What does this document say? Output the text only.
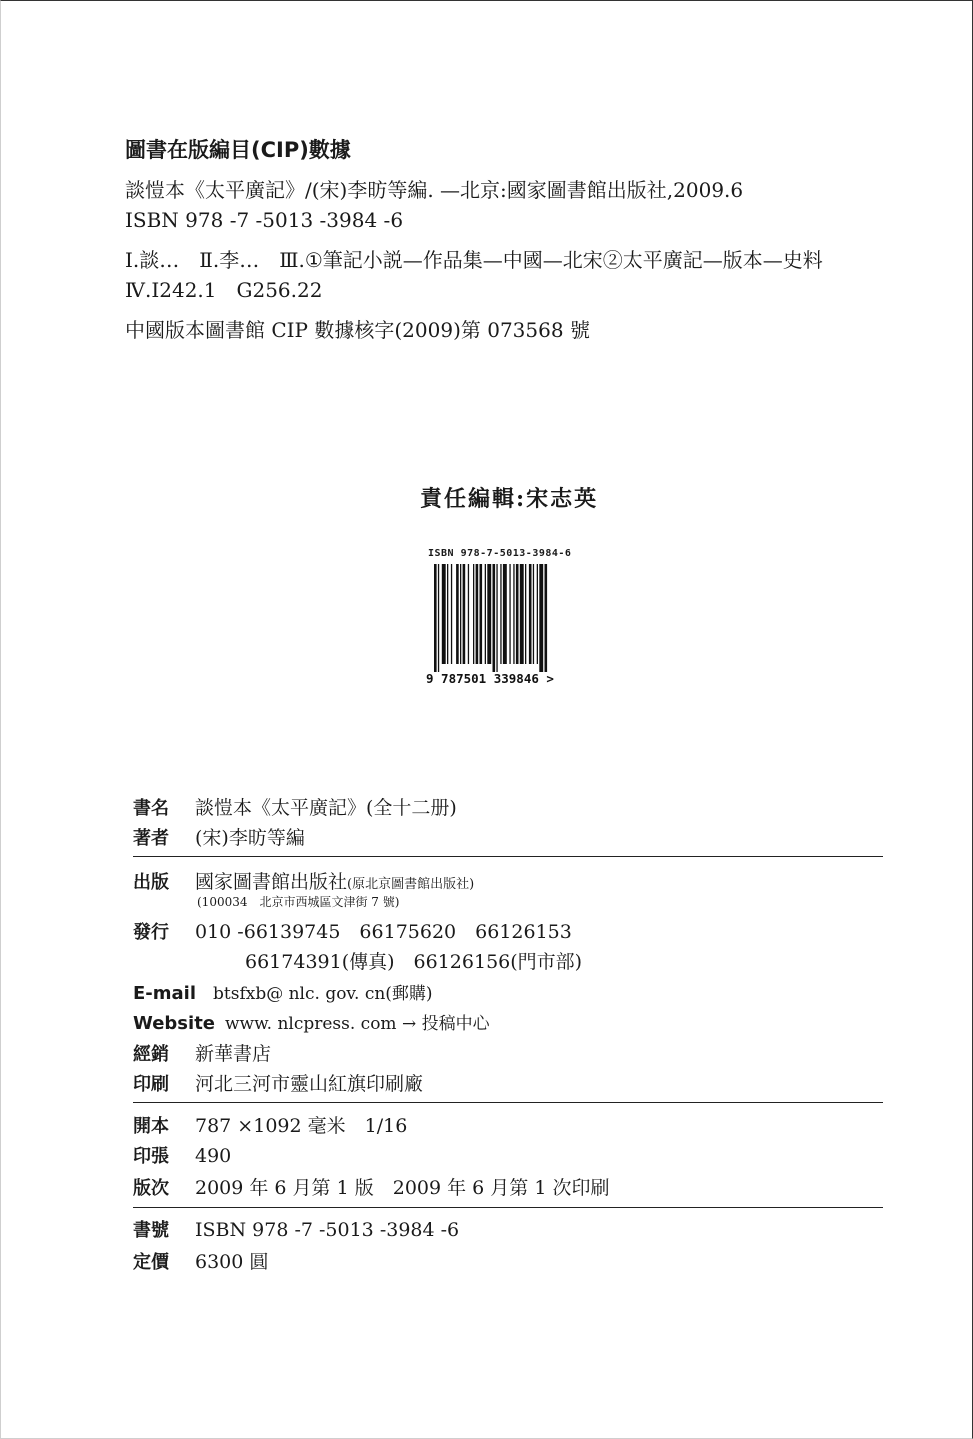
圖書在版編目(CIP)數據
談愷本《太平廣記》/(宋)李昉等編. —北京:國家圖書館出版社,2009.6
ISBN 978 -7 -5013 -3984 -6
Ⅰ.談…　Ⅱ.李…　Ⅲ.①筆記小説—作品集—中國—北宋②太平廣記—版本—史料
Ⅳ.I242.1　G256.22
中國版本圖書館 CIP 數據核字(2009)第 073568 號
責任編輯:宋志英
ISBN 978-7-5013-3984-6
9 787501 339846 >
書名	談愷本《太平廣記》(全十二册)
著者	(宋)李昉等編
出版	國家圖書館出版社 (原北京圖書館出版社)
(100034　北京市西城區文津街 7 號)
發行	010 -66139745　66175620　66126153
66174391(傳真)　66126156(門市部)
E-mail btsfxb@ nlc. gov. cn(郵購)
Website www. nlcpress. com → 投稿中心
經銷	新華書店
印刷	河北三河市靈山紅旗印刷廠
開本	787 ×1092 毫米　1/16
印張	490
版次	2009 年 6 月第 1 版　2009 年 6 月第 1 次印刷
書號	ISBN 978 -7 -5013 -3984 -6
定價	6300 圓
